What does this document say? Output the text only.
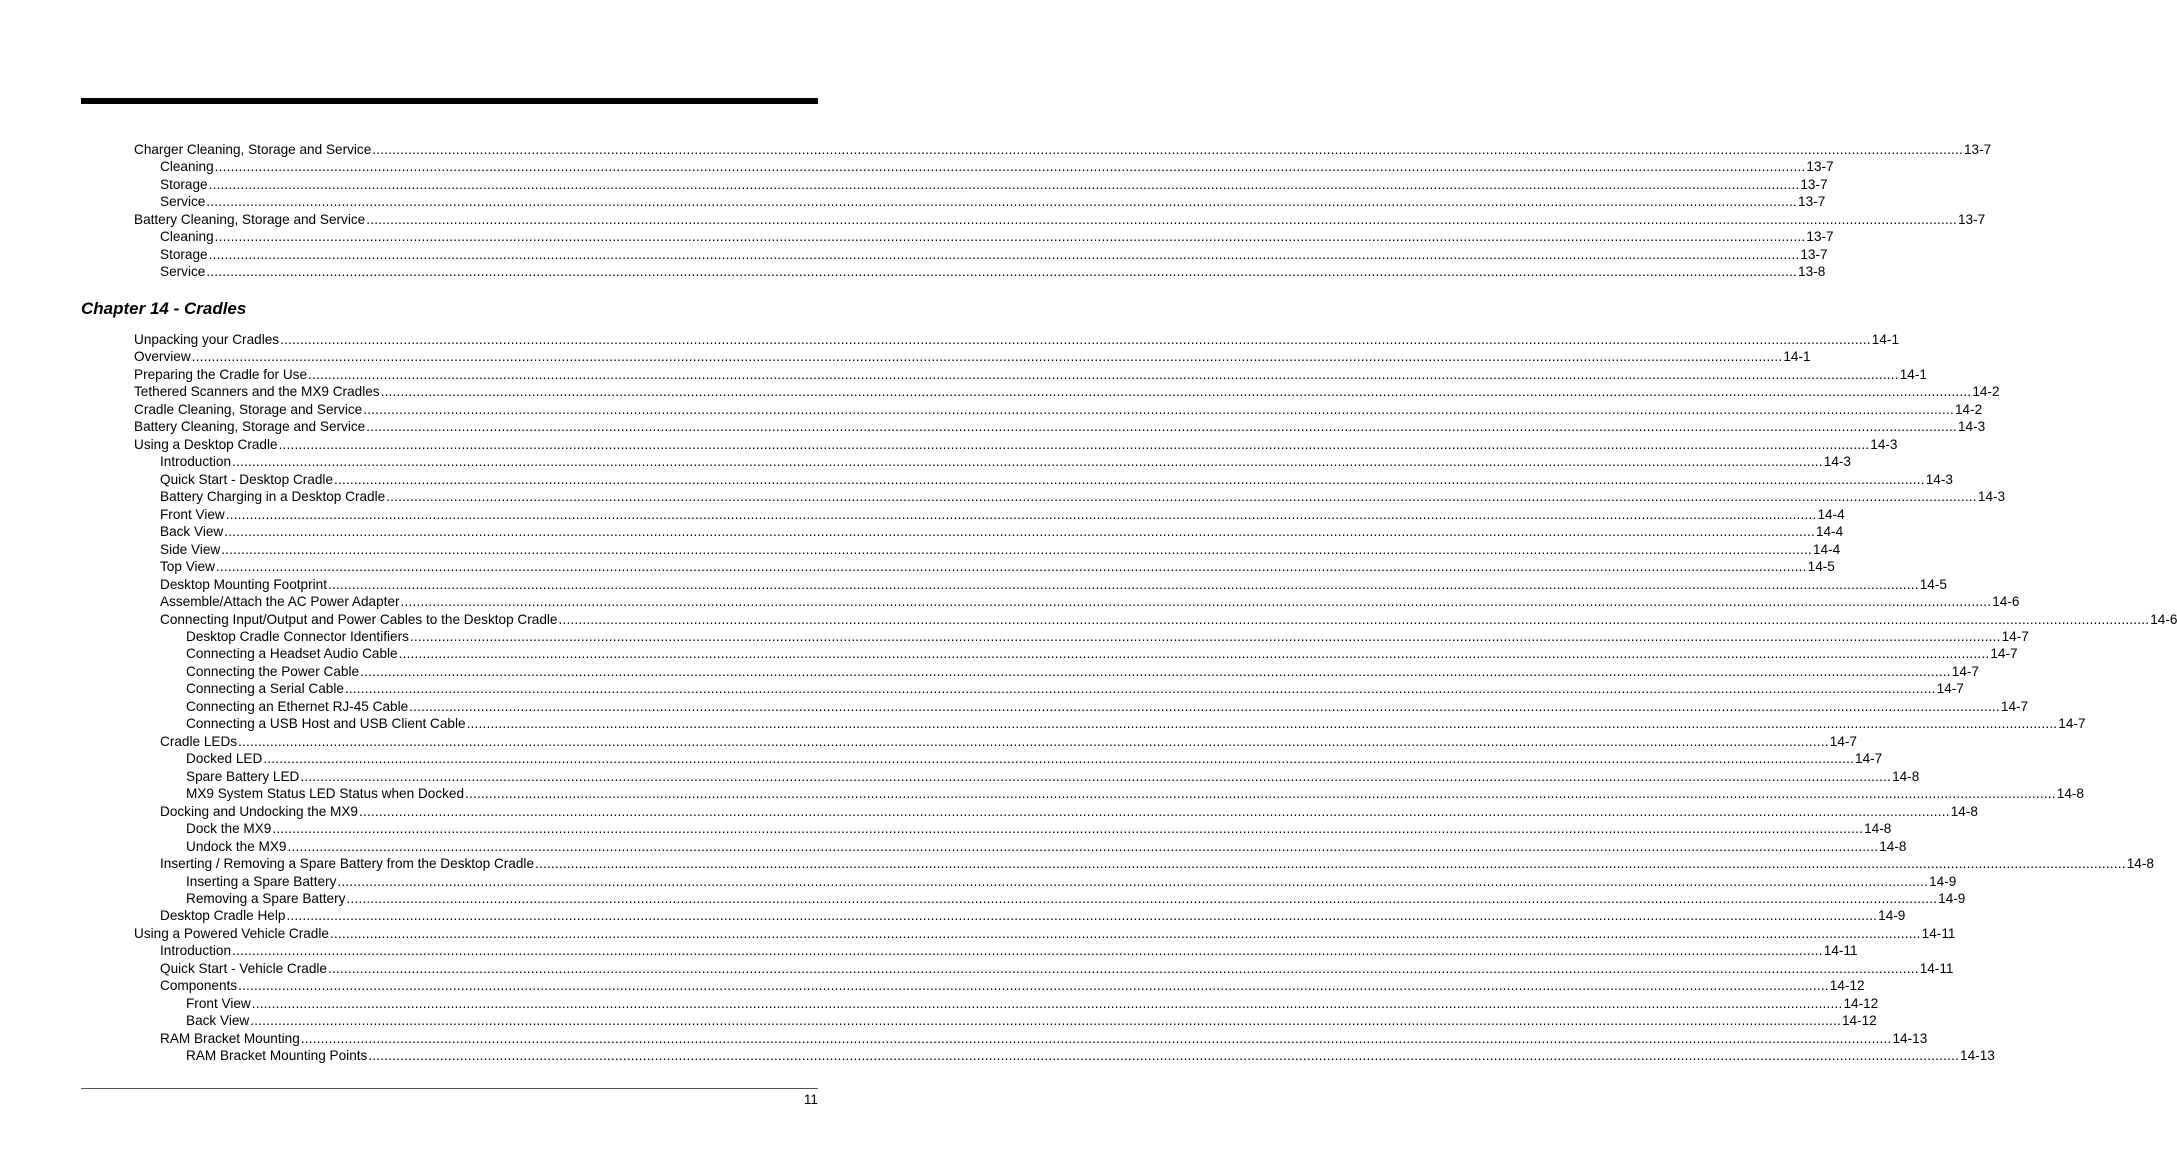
Charger Cleaning, Storage and Service ................................................................................................................................................................................................................................................................................................................................................................................................................ 13-7
Cleaning ................................................................................................................................................................................................................................................................................................................................................................................................................ 13-7
Storage ................................................................................................................................................................................................................................................................................................................................................................................................................ 13-7
Service ................................................................................................................................................................................................................................................................................................................................................................................................................ 13-7
Battery Cleaning, Storage and Service ................................................................................................................................................................................................................................................................................................................................................................................................................ 13-7
Cleaning ................................................................................................................................................................................................................................................................................................................................................................................................................ 13-7
Storage ................................................................................................................................................................................................................................................................................................................................................................................................................ 13-7
Service ................................................................................................................................................................................................................................................................................................................................................................................................................ 13-8
Chapter 14 - Cradles
Unpacking your Cradles ................................................................................................................................................................................................................................................................................................................................................................................................................ 14-1
Overview ................................................................................................................................................................................................................................................................................................................................................................................................................ 14-1
Preparing the Cradle for Use ................................................................................................................................................................................................................................................................................................................................................................................................................ 14-1
Tethered Scanners and the MX9 Cradles ................................................................................................................................................................................................................................................................................................................................................................................................................ 14-2
Cradle Cleaning, Storage and Service ................................................................................................................................................................................................................................................................................................................................................................................................................ 14-2
Battery Cleaning, Storage and Service ................................................................................................................................................................................................................................................................................................................................................................................................................ 14-3
Using a Desktop Cradle ................................................................................................................................................................................................................................................................................................................................................................................................................ 14-3
Introduction ................................................................................................................................................................................................................................................................................................................................................................................................................ 14-3
Quick Start - Desktop Cradle ................................................................................................................................................................................................................................................................................................................................................................................................................ 14-3
Battery Charging in a Desktop Cradle ................................................................................................................................................................................................................................................................................................................................................................................................................ 14-3
Front View ................................................................................................................................................................................................................................................................................................................................................................................................................ 14-4
Back View ................................................................................................................................................................................................................................................................................................................................................................................................................ 14-4
Side View ................................................................................................................................................................................................................................................................................................................................................................................................................ 14-4
Top View ................................................................................................................................................................................................................................................................................................................................................................................................................ 14-5
Desktop Mounting Footprint ................................................................................................................................................................................................................................................................................................................................................................................................................ 14-5
Assemble/Attach the AC Power Adapter ................................................................................................................................................................................................................................................................................................................................................................................................................ 14-6
Connecting Input/Output and Power Cables to the Desktop Cradle ................................................................................................................................................................................................................................................................................................................................................................................................................ 14-6
Desktop Cradle Connector Identifiers ................................................................................................................................................................................................................................................................................................................................................................................................................ 14-7
Connecting a Headset Audio Cable ................................................................................................................................................................................................................................................................................................................................................................................................................ 14-7
Connecting the Power Cable ................................................................................................................................................................................................................................................................................................................................................................................................................ 14-7
Connecting a Serial Cable ................................................................................................................................................................................................................................................................................................................................................................................................................ 14-7
Connecting an Ethernet RJ-45 Cable ................................................................................................................................................................................................................................................................................................................................................................................................................ 14-7
Connecting a USB Host and USB Client Cable ................................................................................................................................................................................................................................................................................................................................................................................................................ 14-7
Cradle LEDs ................................................................................................................................................................................................................................................................................................................................................................................................................ 14-7
Docked LED ................................................................................................................................................................................................................................................................................................................................................................................................................ 14-7
Spare Battery LED ................................................................................................................................................................................................................................................................................................................................................................................................................ 14-8
MX9 System Status LED Status when Docked ................................................................................................................................................................................................................................................................................................................................................................................................................ 14-8
Docking and Undocking the MX9 ................................................................................................................................................................................................................................................................................................................................................................................................................ 14-8
Dock the MX9 ................................................................................................................................................................................................................................................................................................................................................................................................................ 14-8
Undock the MX9 ................................................................................................................................................................................................................................................................................................................................................................................................................ 14-8
Inserting / Removing a Spare Battery from the Desktop Cradle ................................................................................................................................................................................................................................................................................................................................................................................................................ 14-8
Inserting a Spare Battery ................................................................................................................................................................................................................................................................................................................................................................................................................ 14-9
Removing a Spare Battery ................................................................................................................................................................................................................................................................................................................................................................................................................ 14-9
Desktop Cradle Help ................................................................................................................................................................................................................................................................................................................................................................................................................ 14-9
Using a Powered Vehicle Cradle ................................................................................................................................................................................................................................................................................................................................................................................................................ 14-11
Introduction ................................................................................................................................................................................................................................................................................................................................................................................................................ 14-11
Quick Start - Vehicle Cradle ................................................................................................................................................................................................................................................................................................................................................................................................................ 14-11
Components ................................................................................................................................................................................................................................................................................................................................................................................................................ 14-12
Front View ................................................................................................................................................................................................................................................................................................................................................................................................................ 14-12
Back View ................................................................................................................................................................................................................................................................................................................................................................................................................ 14-12
RAM Bracket Mounting ................................................................................................................................................................................................................................................................................................................................................................................................................ 14-13
RAM Bracket Mounting Points ................................................................................................................................................................................................................................................................................................................................................................................................................ 14-13
11
